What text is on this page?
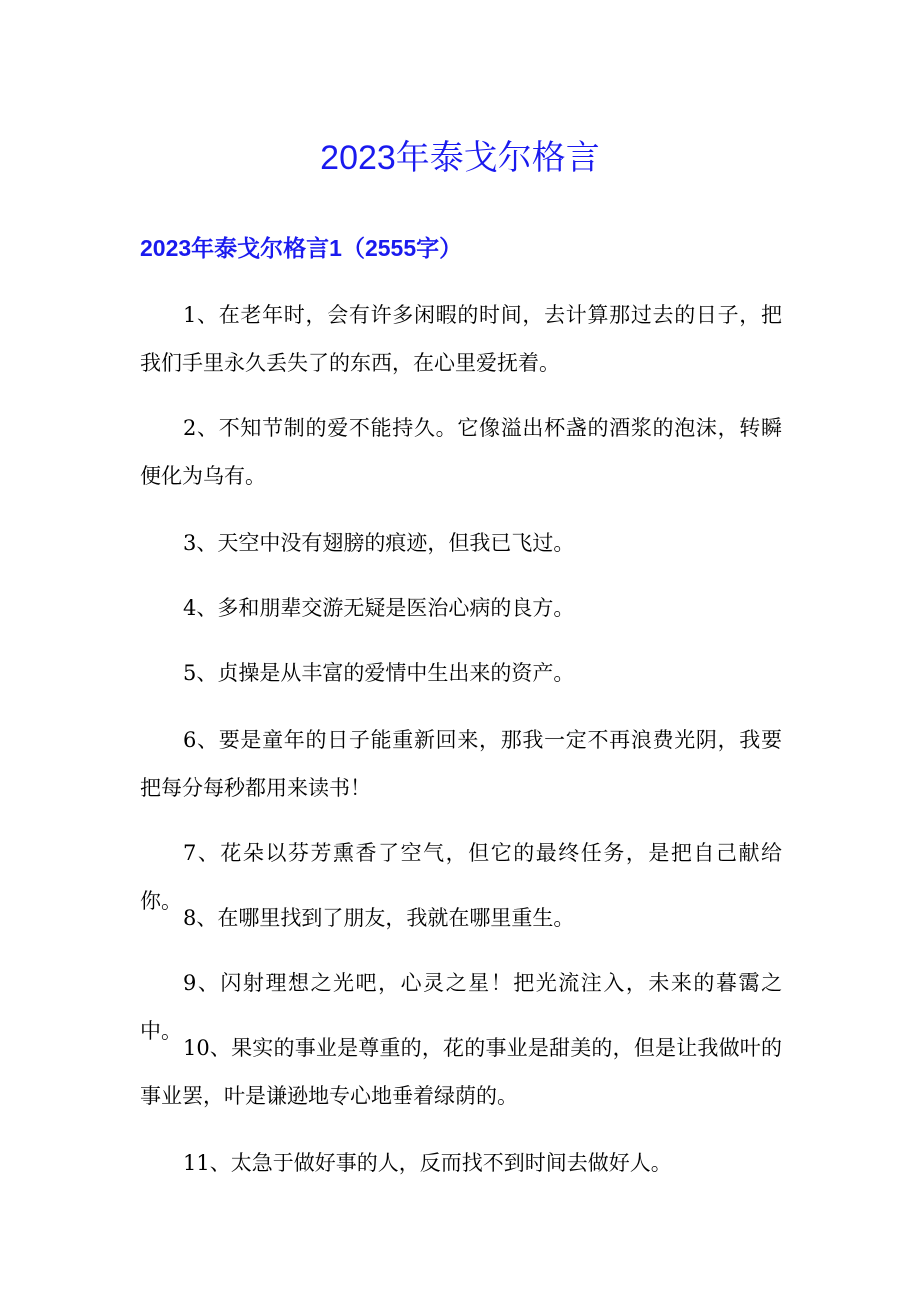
2023年泰戈尔格言
2023年泰戈尔格言1（2555字）

1、在老年时，会有许多闲暇的时间，去计算那过去的日子，把我们手里永久丢失了的东西，在心里爱抚着。

2、不知节制的爱不能持久。它像溢出杯盏的酒浆的泡沫，转瞬便化为乌有。

3、天空中没有翅膀的痕迹，但我已飞过。

4、多和朋辈交游无疑是医治心病的良方。

5、贞操是从丰富的爱情中生出来的资产。

6、要是童年的日子能重新回来，那我一定不再浪费光阴，我要把每分每秒都用来读书！

7、花朵以芬芳熏香了空气，但它的最终任务，是把自己献给你。

8、在哪里找到了朋友，我就在哪里重生。

9、闪射理想之光吧，心灵之星！把光流注入，未来的暮霭之中。

10、果实的事业是尊重的，花的事业是甜美的，但是让我做叶的事业罢，叶是谦逊地专心地垂着绿荫的。

11、太急于做好事的人，反而找不到时间去做好人。
